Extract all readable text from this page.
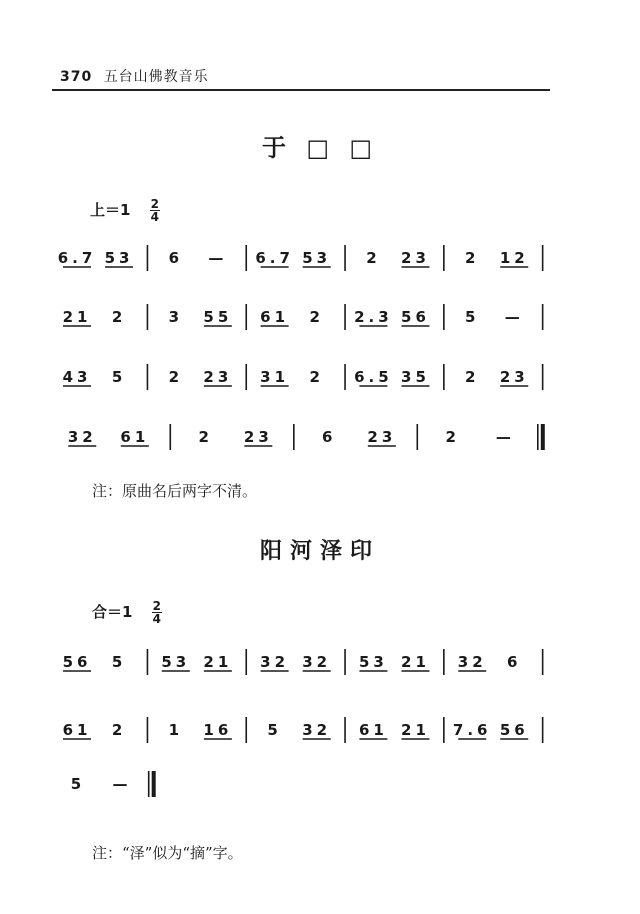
370 五台山佛教音乐
于 □ □
上$=1 \frac{2}{4}$
注：原曲名后两字不清。
阳河泽印
合$=1 \frac{2}{4}$
注：“泽”似为“摘”字。
6.7 53 6 — 6.7 53 2 23 2 12
21 2	3 55 61 2 2.3 56 5 —
43 5	2 23 31 2 6.5 35 2 23
32 61	2 23	6 23	2 —
56 5 53 21 32 32 53 21 32 6
61 2	1 16 5 32 61 21 7.6 56
5 —
